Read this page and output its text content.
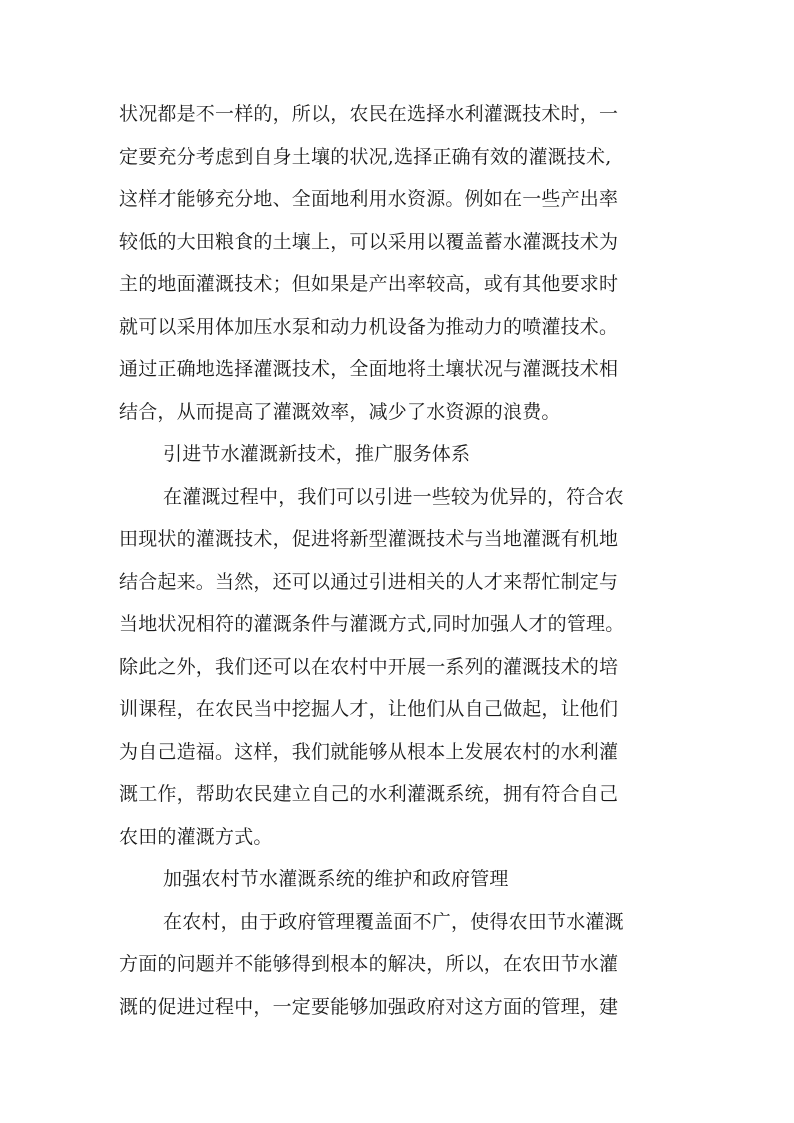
状况都是不一样的，所以，农民在选择水利灌溉技术时，一
定要充分考虑到自身土壤的状况,选择正确有效的灌溉技术,
这样才能够充分地、全面地利用水资源。例如在一些产出率
较低的大田粮食的土壤上，可以采用以覆盖蓄水灌溉技术为
主的地面灌溉技术；但如果是产出率较高，或有其他要求时
就可以采用体加压水泵和动力机设备为推动力的喷灌技术。
通过正确地选择灌溉技术，全面地将土壤状况与灌溉技术相
结合，从而提高了灌溉效率，减少了水资源的浪费。
引进节水灌溉新技术，推广服务体系
在灌溉过程中，我们可以引进一些较为优异的，符合农
田现状的灌溉技术，促进将新型灌溉技术与当地灌溉有机地
结合起来。当然，还可以通过引进相关的人才来帮忙制定与
当地状况相符的灌溉条件与灌溉方式,同时加强人才的管理。
除此之外，我们还可以在农村中开展一系列的灌溉技术的培
训课程，在农民当中挖掘人才，让他们从自己做起，让他们
为自己造福。这样，我们就能够从根本上发展农村的水利灌
溉工作，帮助农民建立自己的水利灌溉系统，拥有符合自己
农田的灌溉方式。
加强农村节水灌溉系统的维护和政府管理
在农村，由于政府管理覆盖面不广，使得农田节水灌溉
方面的问题并不能够得到根本的解决，所以，在农田节水灌
溉的促进过程中，一定要能够加强政府对这方面的管理，建
